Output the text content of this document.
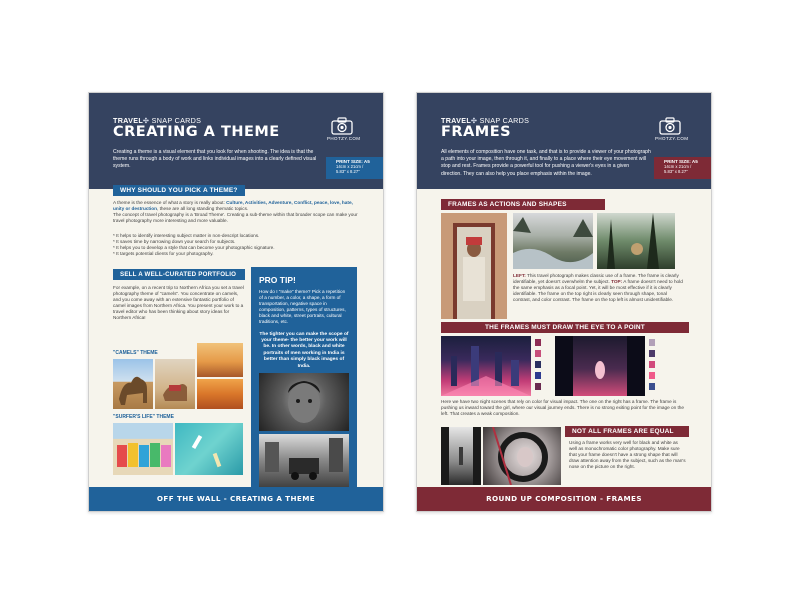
TRAVEL✣ SNAP CARDS
CREATING A THEME	PHOTZY.COM
Creating a theme is a visual element that you look for when shooting. The idea is that the theme runs through a body of work and links individual images into a clearly defined visual system.
PRINT SIZE: A5
14cm x 21cm /
5.83" x 8.27"
WHY SHOULD YOU PICK A THEME?
A theme is the essence of what a story is really about: Culture, Activities, Adventure, Conflict, peace, love, hate, unity or destruction, these are all long standing thematic topics.
The concept of travel photography is a 'Broad Theme'. Creating a sub-theme within that broader scope can make your travel photography more interesting and more valuable.
* It helps to identify interesting subject matter in non-descript locations.
* It saves time by narrowing down your search for subjects.
* It helps you to develop a style that can become your photographic signature.
* It targets potential clients for your photography.
SELL A WELL-CURATED PORTFOLIO
For example, on a recent trip to Northern Africa you set a travel photography theme of "camels". You concentrate on camels, and you come away with an extensive fantastic portfolio of camel images from Northern Africa. You present your work to a travel editor who has been thinking about story ideas for Northern Africa!
"CAMELS" THEME
"SURFER'S LIFE" THEME
PRO TIP!
How do I "make" theme? Pick a repetition of a number, a color, a shape, a form of transportation, negative space in composition, patterns, types of structures, black and white, street portraits, cultural traditions, etc.
The tighter you can make the scope of your theme- the better your work will be. In other words, black and white portraits of men working in India is better than simply black images of India.
OFF THE WALL - CREATING A THEME
TRAVEL✣ SNAP CARDS
FRAMES	PHOTZY.COM
All elements of composition have one task, and that is to provide a viewer of your photograph a path into your image, then through it, and finally to a place where their eye movement will stop and rest. Frames provide a powerful tool for pushing a viewer's eyes in a given direction. They can also help you place emphasis within the image.
PRINT SIZE: A5
14cm x 21cm /
5.83" x 8.27"
FRAMES AS ACTIONS AND SHAPES
LEFT: This travel photograph makes classic use of a frame. The frame is clearly identifiable, yet doesn't overwhelm the subject. TOP: A frame doesn't need to hold the same emphasis as a focal point. Yet, it will be most effective if it is clearly identifiable. The frame on the top right is clearly seen through shape, tonal contrast, and color contrast. The frame on the top left is almost unidentifiable.
THE FRAMES MUST DRAW THE EYE TO A POINT
Here we have two night scenes that rely on color for visual impact. The one on the right has a frame. The frame is pushing us inward toward the girl, where our visual journey ends. There is no strong exiting point for the image on the left. That creates a weak composition.
NOT ALL FRAMES ARE EQUAL
Using a frame works very well for black and white as well as monochromatic color photography. Make sure that your frame doesn't have a strong shape that will draw attention away from the subject, such as the man's nose on the picture on the right.
ROUND UP COMPOSITION - FRAMES
